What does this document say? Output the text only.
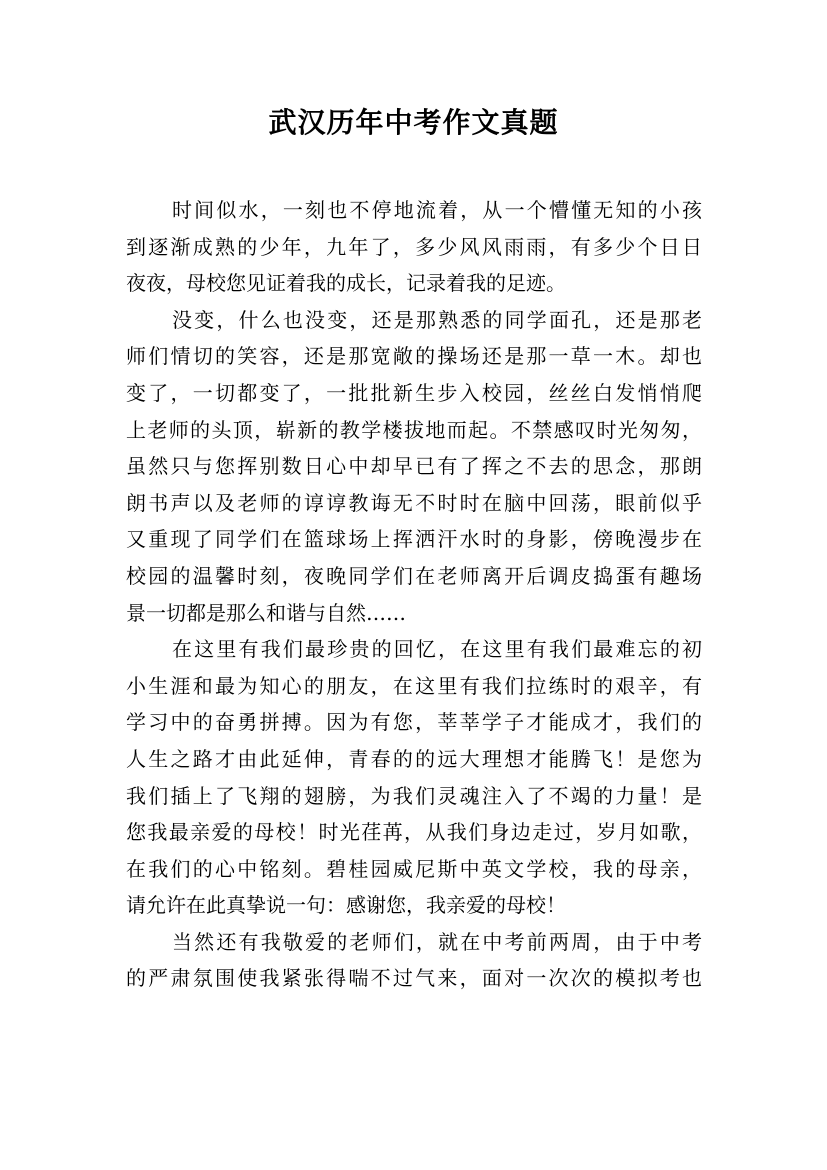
武汉历年中考作文真题
时间似水，一刻也不停地流着，从一个懵懂无知的小孩
到逐渐成熟的少年，九年了，多少风风雨雨，有多少个日日
夜夜，母校您见证着我的成长，记录着我的足迹。
没变，什么也没变，还是那熟悉的同学面孔，还是那老
师们情切的笑容，还是那宽敞的操场还是那一草一木。却也
变了，一切都变了，一批批新生步入校园，丝丝白发悄悄爬
上老师的头顶，崭新的教学楼拔地而起。不禁感叹时光匆匆，
虽然只与您挥别数日心中却早已有了挥之不去的思念，那朗
朗书声以及老师的谆谆教诲无不时时在脑中回荡，眼前似乎
又重现了同学们在篮球场上挥洒汗水时的身影，傍晚漫步在
校园的温馨时刻，夜晚同学们在老师离开后调皮捣蛋有趣场
景一切都是那么和谐与自然……
在这里有我们最珍贵的回忆，在这里有我们最难忘的初
小生涯和最为知心的朋友，在这里有我们拉练时的艰辛，有
学习中的奋勇拼搏。因为有您，莘莘学子才能成才，我们的
人生之路才由此延伸，青春的的远大理想才能腾飞！是您为
我们插上了飞翔的翅膀，为我们灵魂注入了不竭的力量！是
您我最亲爱的母校！时光荏苒，从我们身边走过，岁月如歌，
在我们的心中铭刻。碧桂园威尼斯中英文学校，我的母亲，
请允许在此真挚说一句：感谢您，我亲爱的母校！
当然还有我敬爱的老师们，就在中考前两周，由于中考
的严肃氛围使我紧张得喘不过气来，面对一次次的模拟考也
